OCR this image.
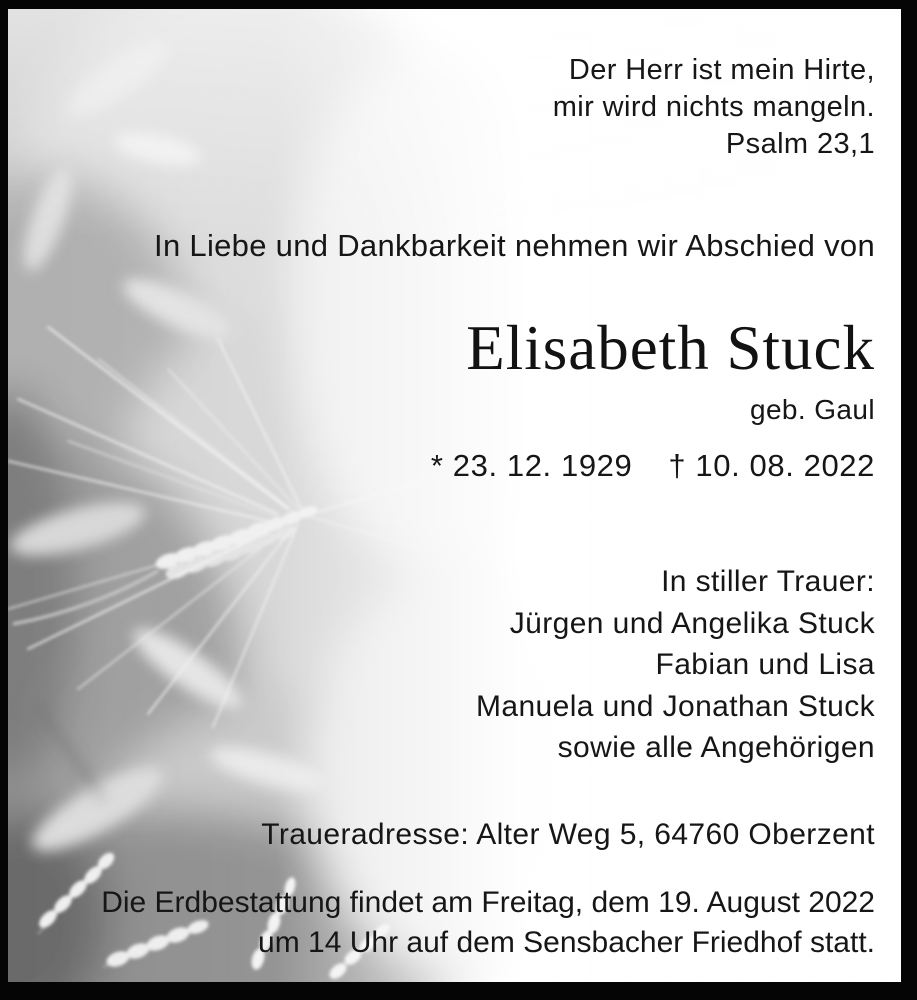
Der Herr ist mein Hirte,
mir wird nichts mangeln.
Psalm 23,1
In Liebe und Dankbarkeit nehmen wir Abschied von
Elisabeth Stuck
geb. Gaul
* 23. 12. 1929 † 10. 08. 2022
In stiller Trauer:
Jürgen und Angelika Stuck
Fabian und Lisa
Manuela und Jonathan Stuck
sowie alle Angehörigen
Traueradresse: Alter Weg 5, 64760 Oberzent
Die Erdbestattung findet am Freitag, dem 19. August 2022
um 14 Uhr auf dem Sensbacher Friedhof statt.
